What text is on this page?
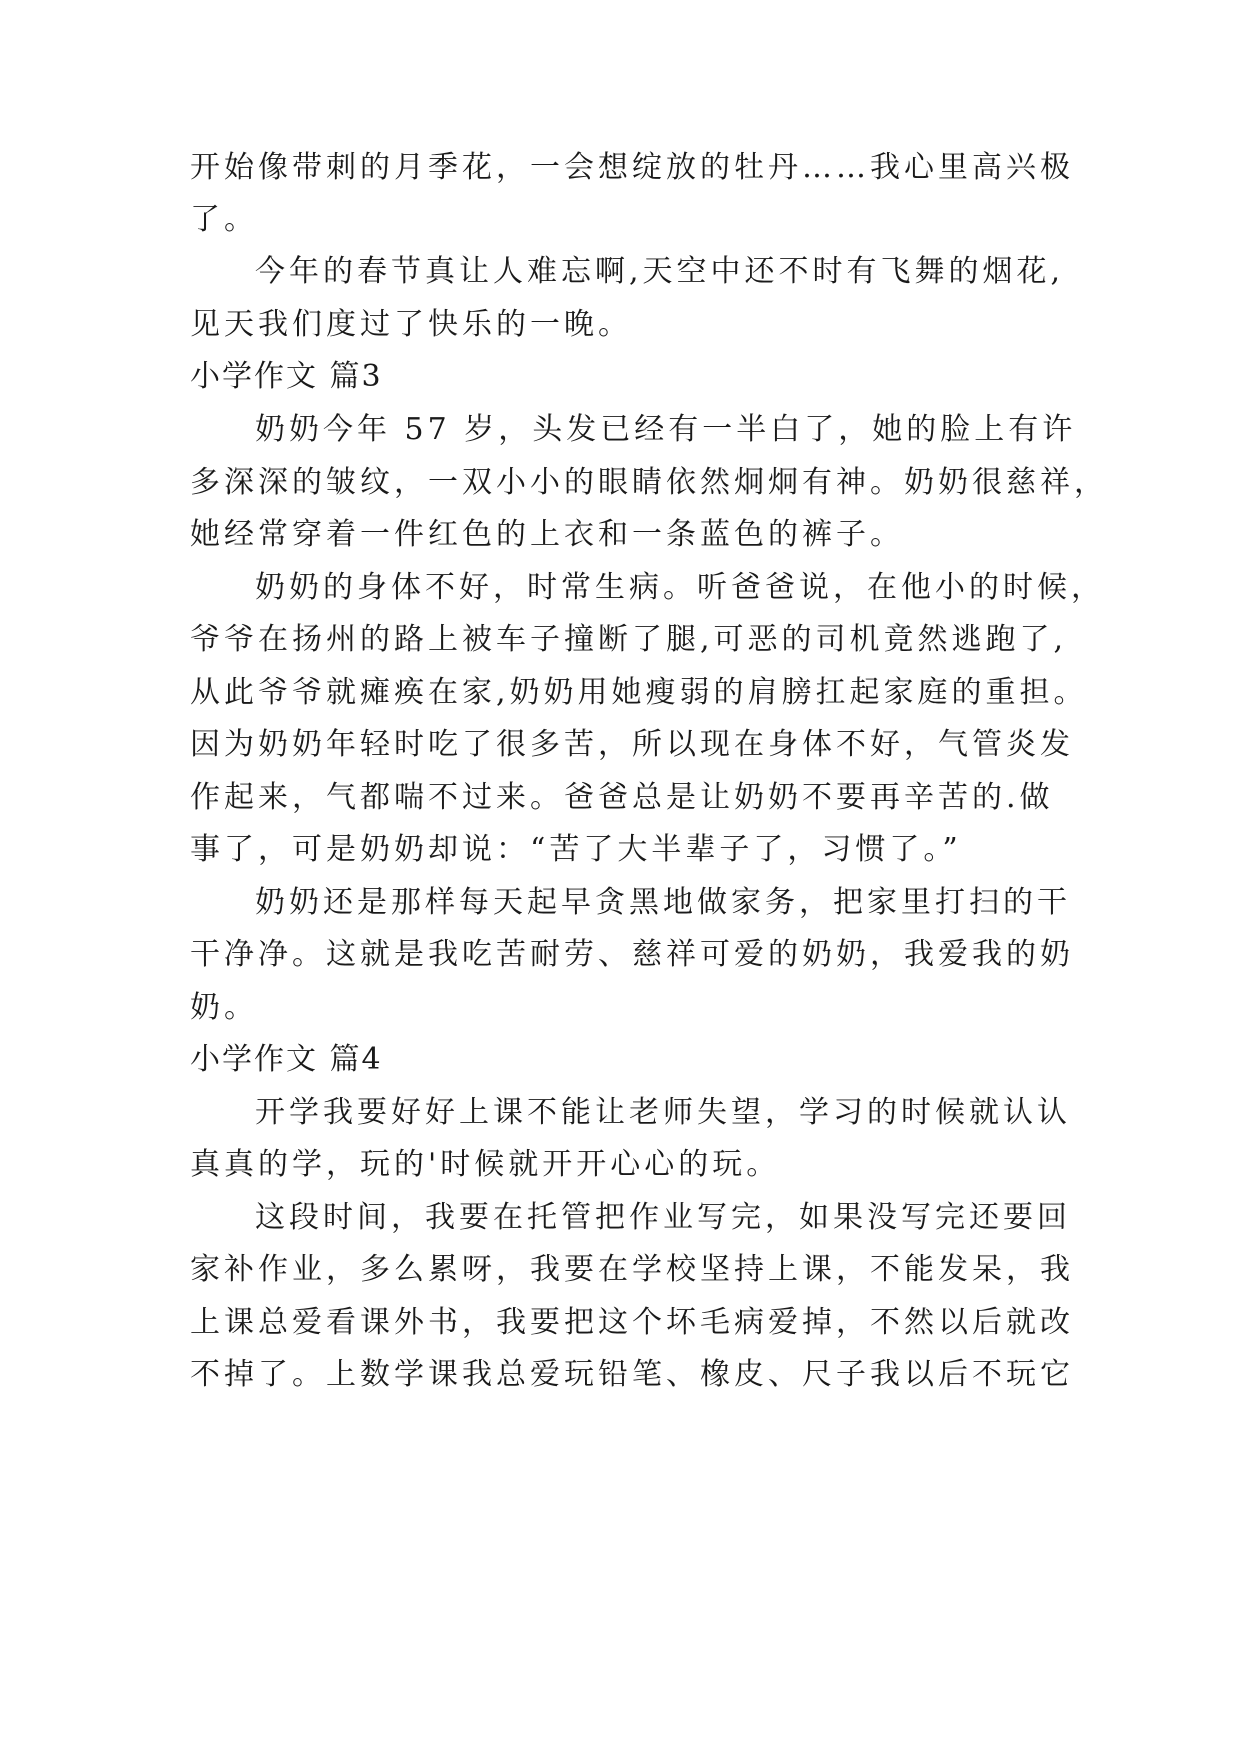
开始像带刺的月季花，一会想绽放的牡丹……我心里高兴极

了。

今年的春节真让人难忘啊,天空中还不时有飞舞的烟花,

见天我们度过了快乐的一晚。

小学作文 篇3

奶奶今年 57 岁，头发已经有一半白了，她的脸上有许

多深深的皱纹，一双小小的眼睛依然炯炯有神。奶奶很慈祥，

她经常穿着一件红色的上衣和一条蓝色的裤子。

奶奶的身体不好，时常生病。听爸爸说，在他小的时候，

爷爷在扬州的路上被车子撞断了腿,可恶的司机竟然逃跑了,

从此爷爷就瘫痪在家,奶奶用她瘦弱的肩膀扛起家庭的重担。

因为奶奶年轻时吃了很多苦，所以现在身体不好，气管炎发

作起来，气都喘不过来。爸爸总是让奶奶不要再辛苦的.做

事了，可是奶奶却说：“苦了大半辈子了，习惯了。”

奶奶还是那样每天起早贪黑地做家务，把家里打扫的干

干净净。这就是我吃苦耐劳、慈祥可爱的奶奶，我爱我的奶

奶。

小学作文 篇4

开学我要好好上课不能让老师失望，学习的时候就认认

真真的学，玩的'时候就开开心心的玩。

这段时间，我要在托管把作业写完，如果没写完还要回

家补作业，多么累呀，我要在学校坚持上课，不能发呆，我

上课总爱看课外书，我要把这个坏毛病爱掉，不然以后就改

不掉了。上数学课我总爱玩铅笔、橡皮、尺子我以后不玩它
